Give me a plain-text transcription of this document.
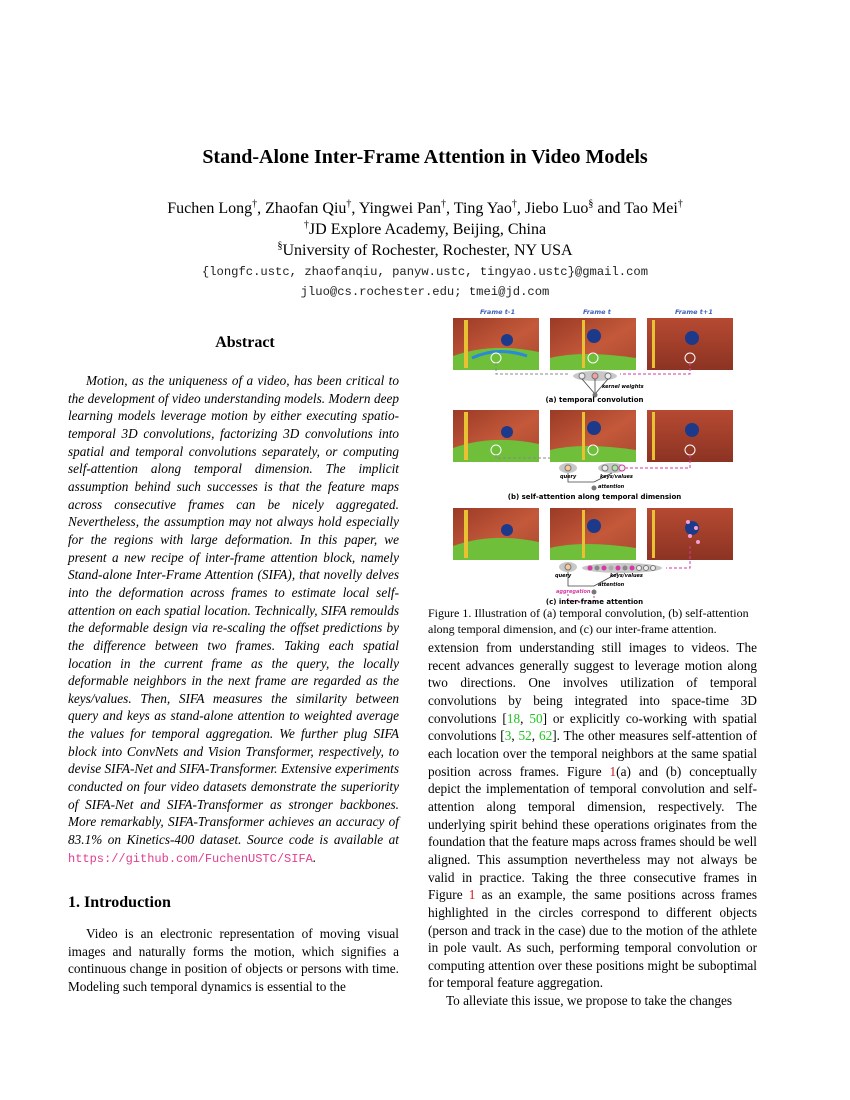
Stand-Alone Inter-Frame Attention in Video Models
Fuchen Long†, Zhaofan Qiu†, Yingwei Pan†, Ting Yao†, Jiebo Luo§ and Tao Mei†
†JD Explore Academy, Beijing, China
§University of Rochester, Rochester, NY USA
{longfc.ustc, zhaofanqiu, panyw.ustc, tingyao.ustc}@gmail.com
jluo@cs.rochester.edu; tmei@jd.com
Abstract

Motion, as the uniqueness of a video, has been critical to the development of video understanding models. Modern deep learning models leverage motion by either executing spatio-temporal 3D convolutions, factorizing 3D convolutions into spatial and temporal convolutions separately, or computing self-attention along temporal dimension. The implicit assumption behind such successes is that the feature maps across consecutive frames can be nicely aggregated. Nevertheless, the assumption may not always hold especially for the regions with large deformation. In this paper, we present a new recipe of inter-frame attention block, namely Stand-alone Inter-Frame Attention (SIFA), that novelly delves into the deformation across frames to estimate local self-attention on each spatial location. Technically, SIFA remoulds the deformable design via re-scaling the offset predictions by the difference between two frames. Taking each spatial location in the current frame as the query, the locally deformable neighbors in the next frame are regarded as the keys/values. Then, SIFA measures the similarity between query and keys as stand-alone attention to weighted average the values for temporal aggregation. We further plug SIFA block into ConvNets and Vision Transformer, respectively, to devise SIFA-Net and SIFA-Transformer. Extensive experiments conducted on four video datasets demonstrate the superiority of SIFA-Net and SIFA-Transformer as stronger backbones. More remarkably, SIFA-Transformer achieves an accuracy of 83.1% on Kinetics-400 dataset. Source code is available at https://github.com/FuchenUSTC/SIFA.

1. Introduction

Video is an electronic representation of moving visual images and naturally forms the motion, which signifies a continuous change in position of objects or persons with time. Modeling such temporal dynamics is essential to the

Frame t-1	Frame t	Frame t+1
kernel weights
(a) temporal convolution
query	keys/values
attention
(b) self-attention along temporal dimension
query	keys/values
attention
aggregation
(c) inter-frame attention
Figure 1. Illustration of (a) temporal convolution, (b) self-attention along temporal dimension, and (c) our inter-frame attention.

extension from understanding still images to videos. The recent advances generally suggest to leverage motion along two directions. One involves utilization of temporal convolutions by being integrated into space-time 3D convolutions [18, 50] or explicitly co-working with spatial convolutions [3, 52, 62]. The other measures self-attention of each location over the temporal neighbors at the same spatial position across frames. Figure 1(a) and (b) conceptually depict the implementation of temporal convolution and self-attention along temporal dimension, respectively. The underlying spirit behind these operations originates from the foundation that the feature maps across frames should be well aligned. This assumption nevertheless may not always be valid in practice. Taking the three consecutive frames in Figure 1 as an example, the same positions across frames highlighted in the circles correspond to different objects (person and track in the case) due to the motion of the athlete in pole vault. As such, performing temporal convolution or computing attention over these positions might be suboptimal for temporal feature aggregation.

To alleviate this issue, we propose to take the changes
